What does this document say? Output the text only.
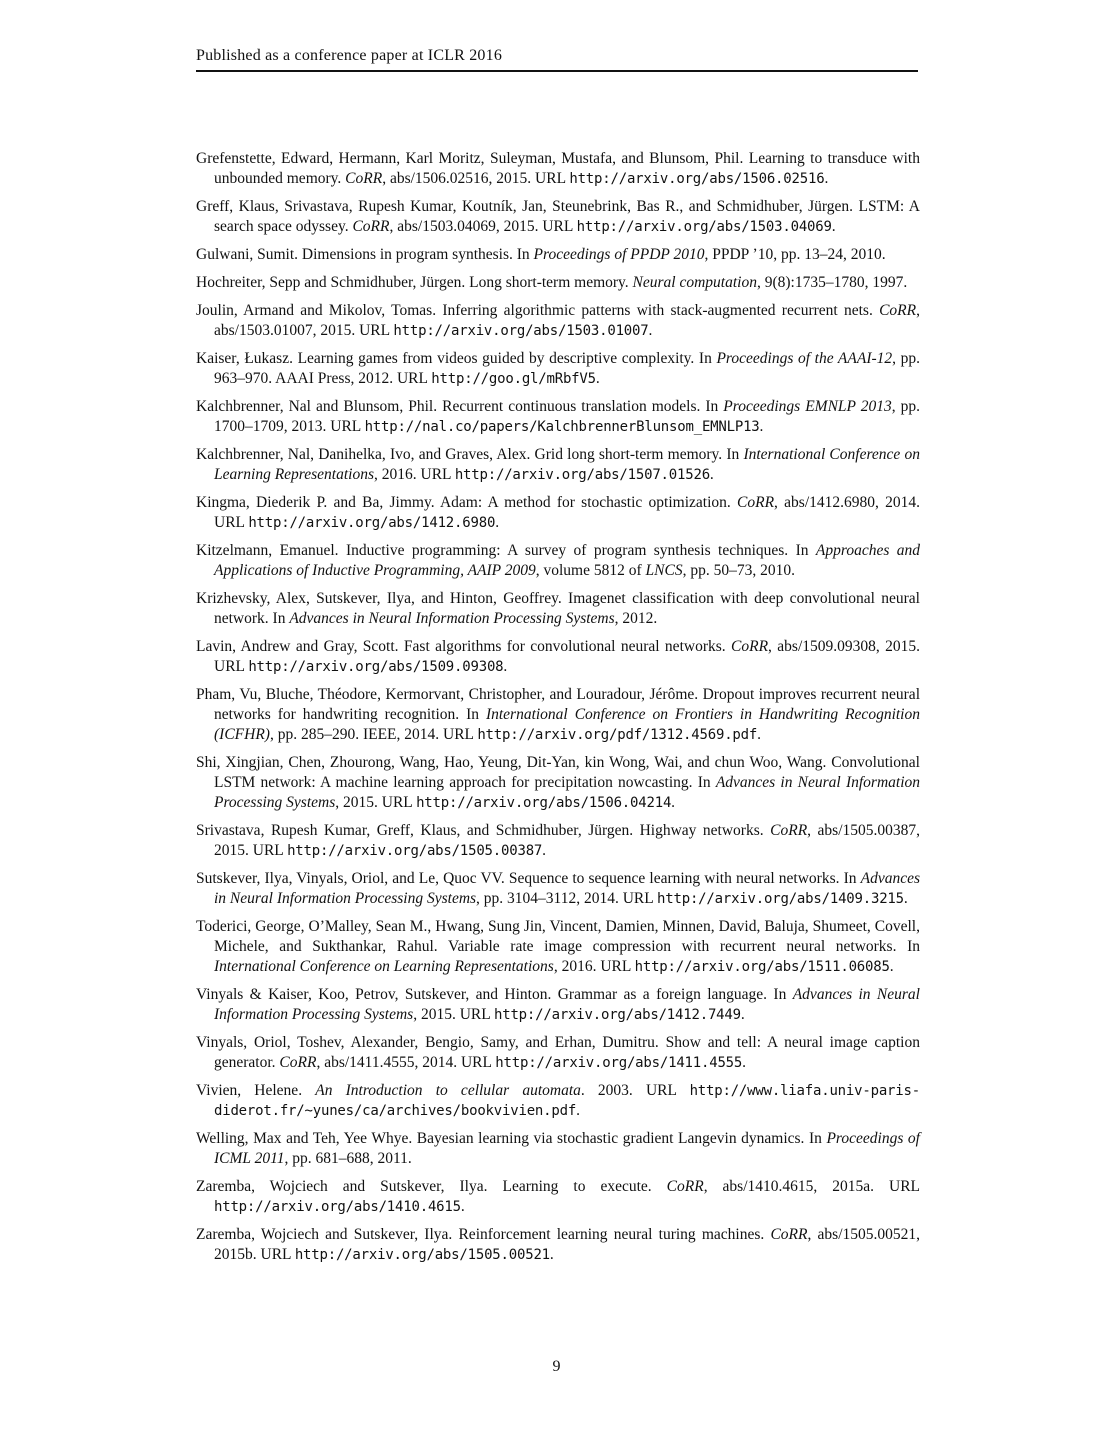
Published as a conference paper at ICLR 2016

Grefenstette, Edward, Hermann, Karl Moritz, Suleyman, Mustafa, and Blunsom, Phil. Learning to transduce with unbounded memory. CoRR, abs/1506.02516, 2015. URL http://arxiv.org/abs/1506.02516.

Greff, Klaus, Srivastava, Rupesh Kumar, Koutník, Jan, Steunebrink, Bas R., and Schmidhuber, Jürgen. LSTM: A search space odyssey. CoRR, abs/1503.04069, 2015. URL http://arxiv.org/abs/1503.04069.

Gulwani, Sumit. Dimensions in program synthesis. In Proceedings of PPDP 2010, PPDP ’10, pp. 13–24, 2010.

Hochreiter, Sepp and Schmidhuber, Jürgen. Long short-term memory. Neural computation, 9(8):1735–1780, 1997.

Joulin, Armand and Mikolov, Tomas. Inferring algorithmic patterns with stack-augmented recurrent nets. CoRR, abs/1503.01007, 2015. URL http://arxiv.org/abs/1503.01007.

Kaiser, Łukasz. Learning games from videos guided by descriptive complexity. In Proceedings of the AAAI-12, pp. 963–970. AAAI Press, 2012. URL http://goo.gl/mRbfV5.

Kalchbrenner, Nal and Blunsom, Phil. Recurrent continuous translation models. In Proceedings EMNLP 2013, pp. 1700–1709, 2013. URL http://nal.co/papers/KalchbrennerBlunsom_EMNLP13.

Kalchbrenner, Nal, Danihelka, Ivo, and Graves, Alex. Grid long short-term memory. In International Conference on Learning Representations, 2016. URL http://arxiv.org/abs/1507.01526.

Kingma, Diederik P. and Ba, Jimmy. Adam: A method for stochastic optimization. CoRR, abs/1412.6980, 2014. URL http://arxiv.org/abs/1412.6980.

Kitzelmann, Emanuel. Inductive programming: A survey of program synthesis techniques. In Approaches and Applications of Inductive Programming, AAIP 2009, volume 5812 of LNCS, pp. 50–73, 2010.

Krizhevsky, Alex, Sutskever, Ilya, and Hinton, Geoffrey. Imagenet classification with deep convolutional neural network. In Advances in Neural Information Processing Systems, 2012.

Lavin, Andrew and Gray, Scott. Fast algorithms for convolutional neural networks. CoRR, abs/1509.09308, 2015. URL http://arxiv.org/abs/1509.09308.

Pham, Vu, Bluche, Théodore, Kermorvant, Christopher, and Louradour, Jérôme. Dropout improves recurrent neural networks for handwriting recognition. In International Conference on Frontiers in Handwriting Recognition (ICFHR), pp. 285–290. IEEE, 2014. URL http://arxiv.org/pdf/1312.4569.pdf.

Shi, Xingjian, Chen, Zhourong, Wang, Hao, Yeung, Dit-Yan, kin Wong, Wai, and chun Woo, Wang. Convolutional LSTM network: A machine learning approach for precipitation nowcasting. In Advances in Neural Information Processing Systems, 2015. URL http://arxiv.org/abs/1506.04214.

Srivastava, Rupesh Kumar, Greff, Klaus, and Schmidhuber, Jürgen. Highway networks. CoRR, abs/1505.00387, 2015. URL http://arxiv.org/abs/1505.00387.

Sutskever, Ilya, Vinyals, Oriol, and Le, Quoc VV. Sequence to sequence learning with neural networks. In Advances in Neural Information Processing Systems, pp. 3104–3112, 2014. URL http://arxiv.org/abs/1409.3215.

Toderici, George, O’Malley, Sean M., Hwang, Sung Jin, Vincent, Damien, Minnen, David, Baluja, Shumeet, Covell, Michele, and Sukthankar, Rahul. Variable rate image compression with recurrent neural networks. In International Conference on Learning Representations, 2016. URL http://arxiv.org/abs/1511.06085.

Vinyals & Kaiser, Koo, Petrov, Sutskever, and Hinton. Grammar as a foreign language. In Advances in Neural Information Processing Systems, 2015. URL http://arxiv.org/abs/1412.7449.

Vinyals, Oriol, Toshev, Alexander, Bengio, Samy, and Erhan, Dumitru. Show and tell: A neural image caption generator. CoRR, abs/1411.4555, 2014. URL http://arxiv.org/abs/1411.4555.

Vivien, Helene. An Introduction to cellular automata. 2003. URL http://www.liafa.univ-paris-diderot.fr/~yunes/ca/archives/bookvivien.pdf.

Welling, Max and Teh, Yee Whye. Bayesian learning via stochastic gradient Langevin dynamics. In Proceedings of ICML 2011, pp. 681–688, 2011.

Zaremba, Wojciech and Sutskever, Ilya. Learning to execute. CoRR, abs/1410.4615, 2015a. URL http://arxiv.org/abs/1410.4615.

Zaremba, Wojciech and Sutskever, Ilya. Reinforcement learning neural turing machines. CoRR, abs/1505.00521, 2015b. URL http://arxiv.org/abs/1505.00521.

9
